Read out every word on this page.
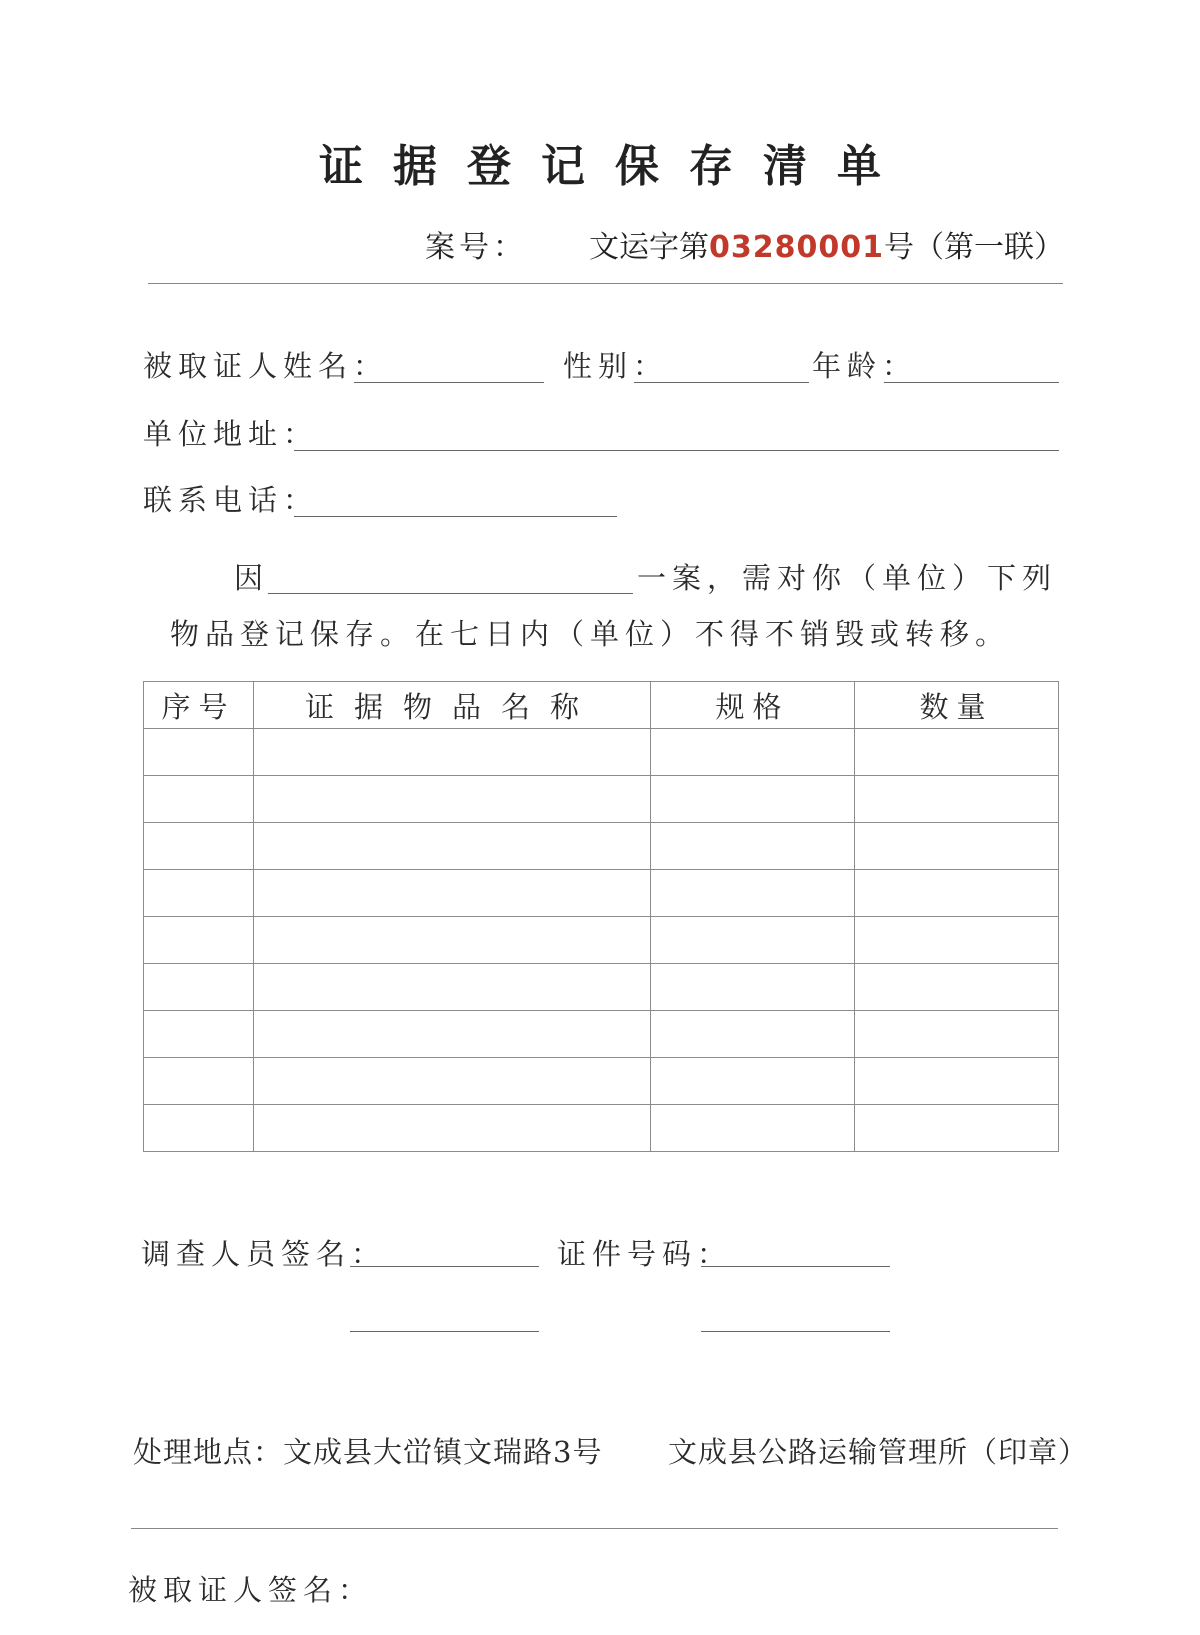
证据登记保存清单
案号： 文运字第03280001号（第一联）
被取证人姓名：	性别：	年龄：
单位地址：
联系电话：
因	一案，需对你（单位）下列
物品登记保存。在七日内（单位）不得不销毁或转移。
序号	证据物品名称	规格	数量

调查人员签名：	证件号码：
处理地点：文成县大峃镇文瑞路3号 文成县公路运输管理所（印章）
被取证人签名：
